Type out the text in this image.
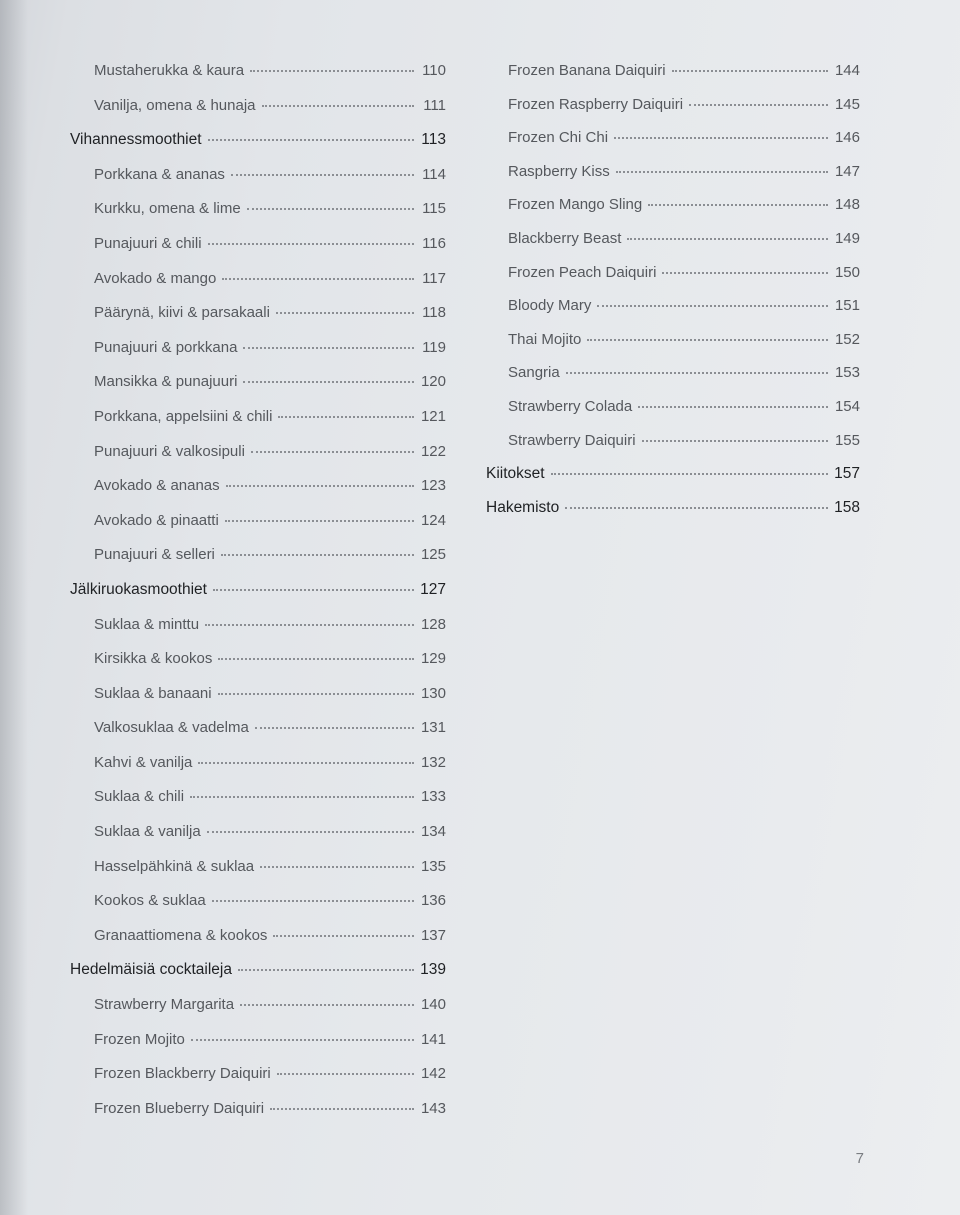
Mustaherukka & kaura	110
Vanilja, omena & hunaja	111
Vihannessmoothiet	113
Porkkana & ananas	114
Kurkku, omena & lime	115
Punajuuri & chili	116
Avokado & mango	117
Päärynä, kiivi & parsakaali	118
Punajuuri & porkkana	119
Mansikka & punajuuri	120
Porkkana, appelsiini & chili	121
Punajuuri & valkosipuli	122
Avokado & ananas	123
Avokado & pinaatti	124
Punajuuri & selleri	125
Jälkiruokasmoothiet	127
Suklaa & minttu	128
Kirsikka & kookos	129
Suklaa & banaani	130
Valkosuklaa & vadelma	131
Kahvi & vanilja	132
Suklaa & chili	133
Suklaa & vanilja	134
Hasselpähkinä & suklaa	135
Kookos & suklaa	136
Granaattiomena & kookos	137
Hedelmäisiä cocktaileja	139
Strawberry Margarita	140
Frozen Mojito	141
Frozen Blackberry Daiquiri	142
Frozen Blueberry Daiquiri	143
Frozen Banana Daiquiri	144
Frozen Raspberry Daiquiri	145
Frozen Chi Chi	146
Raspberry Kiss	147
Frozen Mango Sling	148
Blackberry Beast	149
Frozen Peach Daiquiri	150
Bloody Mary	151
Thai Mojito	152
Sangria	153
Strawberry Colada	154
Strawberry Daiquiri	155
Kiitokset	157
Hakemisto	158
7
